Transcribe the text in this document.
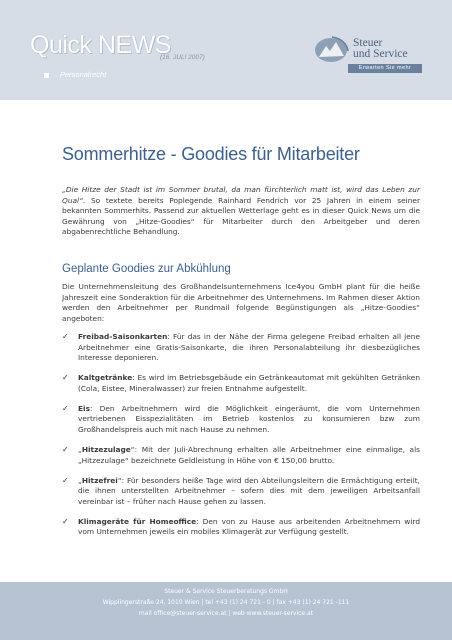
Quick NEWS
(16. JULI 2007)
Personalrecht
Steuer
und Service
Erwarten Sie mehr
Sommerhitze - Goodies für Mitarbeiter

„Die Hitze der Stadt ist im Sommer brutal, da man fürchterlich matt ist, wird das Leben zur Qual“. So textete bereits Poplegende Rainhard Fendrich vor 25 Jahren in einem seiner bekannten Sommerhits. Passend zur aktuellen Wetterlage geht es in dieser Quick News um die Gewährung von „Hitze-Goodies“ für Mitarbeiter durch den Arbeitgeber und deren abgabenrechtliche Behandlung.

Geplante Goodies zur Abkühlung

Die Unternehmensleitung des Großhandelsunternehmens Ice4you GmbH plant für die heiße Jahreszeit eine Sonderaktion für die Arbeitnehmer des Unternehmens. Im Rahmen dieser Aktion werden den Arbeitnehmer per Rundmail folgende Begünstigungen als „Hitze-Goodies“ angeboten:

✓ Freibad-Saisonkarten: Für das in der Nähe der Firma gelegene Freibad erhalten all jene Arbeitnehmer eine Gratis-Saisonkarte, die ihren Personalabteilung ihr diesbezügliches Interesse deponieren.
✓ Kaltgetränke: Es wird im Betriebsgebäude ein Getränkeautomat mit gekühlten Getränken (Cola, Eistee, Mineralwasser) zur freien Entnahme aufgestellt.
✓ Eis: Den Arbeitnehmern wird die Möglichkeit eingeräumt, die vom Unternehmen vertriebenen Eisspezialitäten im Betrieb kostenlos zu konsumieren bzw zum Großhandelspreis auch mit nach Hause zu nehmen.
✓ „Hitzezulage“: Mit der Juli-Abrechnung erhalten alle Arbeitnehmer eine einmalige, als „Hitzezulage“ bezeichnete Geldleistung in Höhe von € 150,00 brutto.
✓ „Hitzefrei“: Für besonders heiße Tage wird den Abteilungsleitern die Ermächtigung erteilt, die ihnen unterstellten Arbeitnehmer – sofern dies mit dem jeweiligen Arbeitsanfall vereinbar ist – früher nach Hause gehen zu lassen.
✓ Klimageräte für Homeoffice: Den von zu Hause aus arbeitenden Arbeitnehmern wird vom Unternehmen jeweils ein mobiles Klimagerät zur Verfügung gestellt.
Steuer & Service Steuerberatungs GmbH
Wipplingerstraße 24, 1010 Wien | tel +43 (1) 24 721 - 0 | fax +43 (1) 24 721 -111
mail office@steuer-service.at | web www.steuer-service.at
